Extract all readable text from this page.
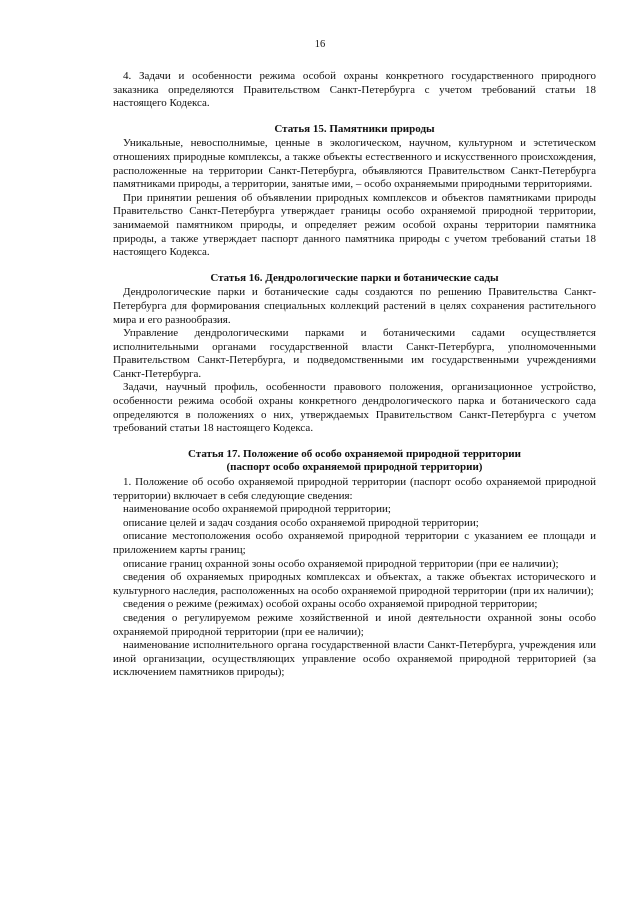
16

4. Задачи и особенности режима особой охраны конкретного государственного природного заказника определяются Правительством Санкт-Петербурга с учетом требований статьи 18 настоящего Кодекса.

Статья 15. Памятники природы

Уникальные, невосполнимые, ценные в экологическом, научном, культурном и эстетическом отношениях природные комплексы, а также объекты естественного и искусственного происхождения, расположенные на территории Санкт-Петербурга, объявляются Правительством Санкт-Петербурга памятниками природы, а территории, занятые ими, – особо охраняемыми природными территориями.

При принятии решения об объявлении природных комплексов и объектов памятниками природы Правительство Санкт-Петербурга утверждает границы особо охраняемой природной территории, занимаемой памятником природы, и определяет режим особой охраны территории памятника природы, а также утверждает паспорт данного памятника природы с учетом требований статьи 18 настоящего Кодекса.

Статья 16. Дендрологические парки и ботанические сады

Дендрологические парки и ботанические сады создаются по решению Правительства Санкт-Петербурга для формирования специальных коллекций растений в целях сохранения растительного мира и его разнообразия.

Управление дендрологическими парками и ботаническими садами осуществляется исполнительными органами государственной власти Санкт-Петербурга, уполномоченными Правительством Санкт-Петербурга, и подведомственными им государственными учреждениями Санкт-Петербурга.

Задачи, научный профиль, особенности правового положения, организационное устройство, особенности режима особой охраны конкретного дендрологического парка и ботанического сада определяются в положениях о них, утверждаемых Правительством Санкт-Петербурга с учетом требований статьи 18 настоящего Кодекса.

Статья 17. Положение об особо охраняемой природной территории
(паспорт особо охраняемой природной территории)

1. Положение об особо охраняемой природной территории (паспорт особо охраняемой природной территории) включает в себя следующие сведения:

наименование особо охраняемой природной территории;

описание целей и задач создания особо охраняемой природной территории;

описание местоположения особо охраняемой природной территории с указанием ее площади и приложением карты границ;

описание границ охранной зоны особо охраняемой природной территории (при ее наличии);

сведения об охраняемых природных комплексах и объектах, а также объектах исторического и культурного наследия, расположенных на особо охраняемой природной территории (при их наличии);

сведения о режиме (режимах) особой охраны особо охраняемой природной территории;

сведения о регулируемом режиме хозяйственной и иной деятельности охранной зоны особо охраняемой природной территории (при ее наличии);

наименование исполнительного органа государственной власти Санкт-Петербурга, учреждения или иной организации, осуществляющих управление особо охраняемой природной территорией (за исключением памятников природы);
